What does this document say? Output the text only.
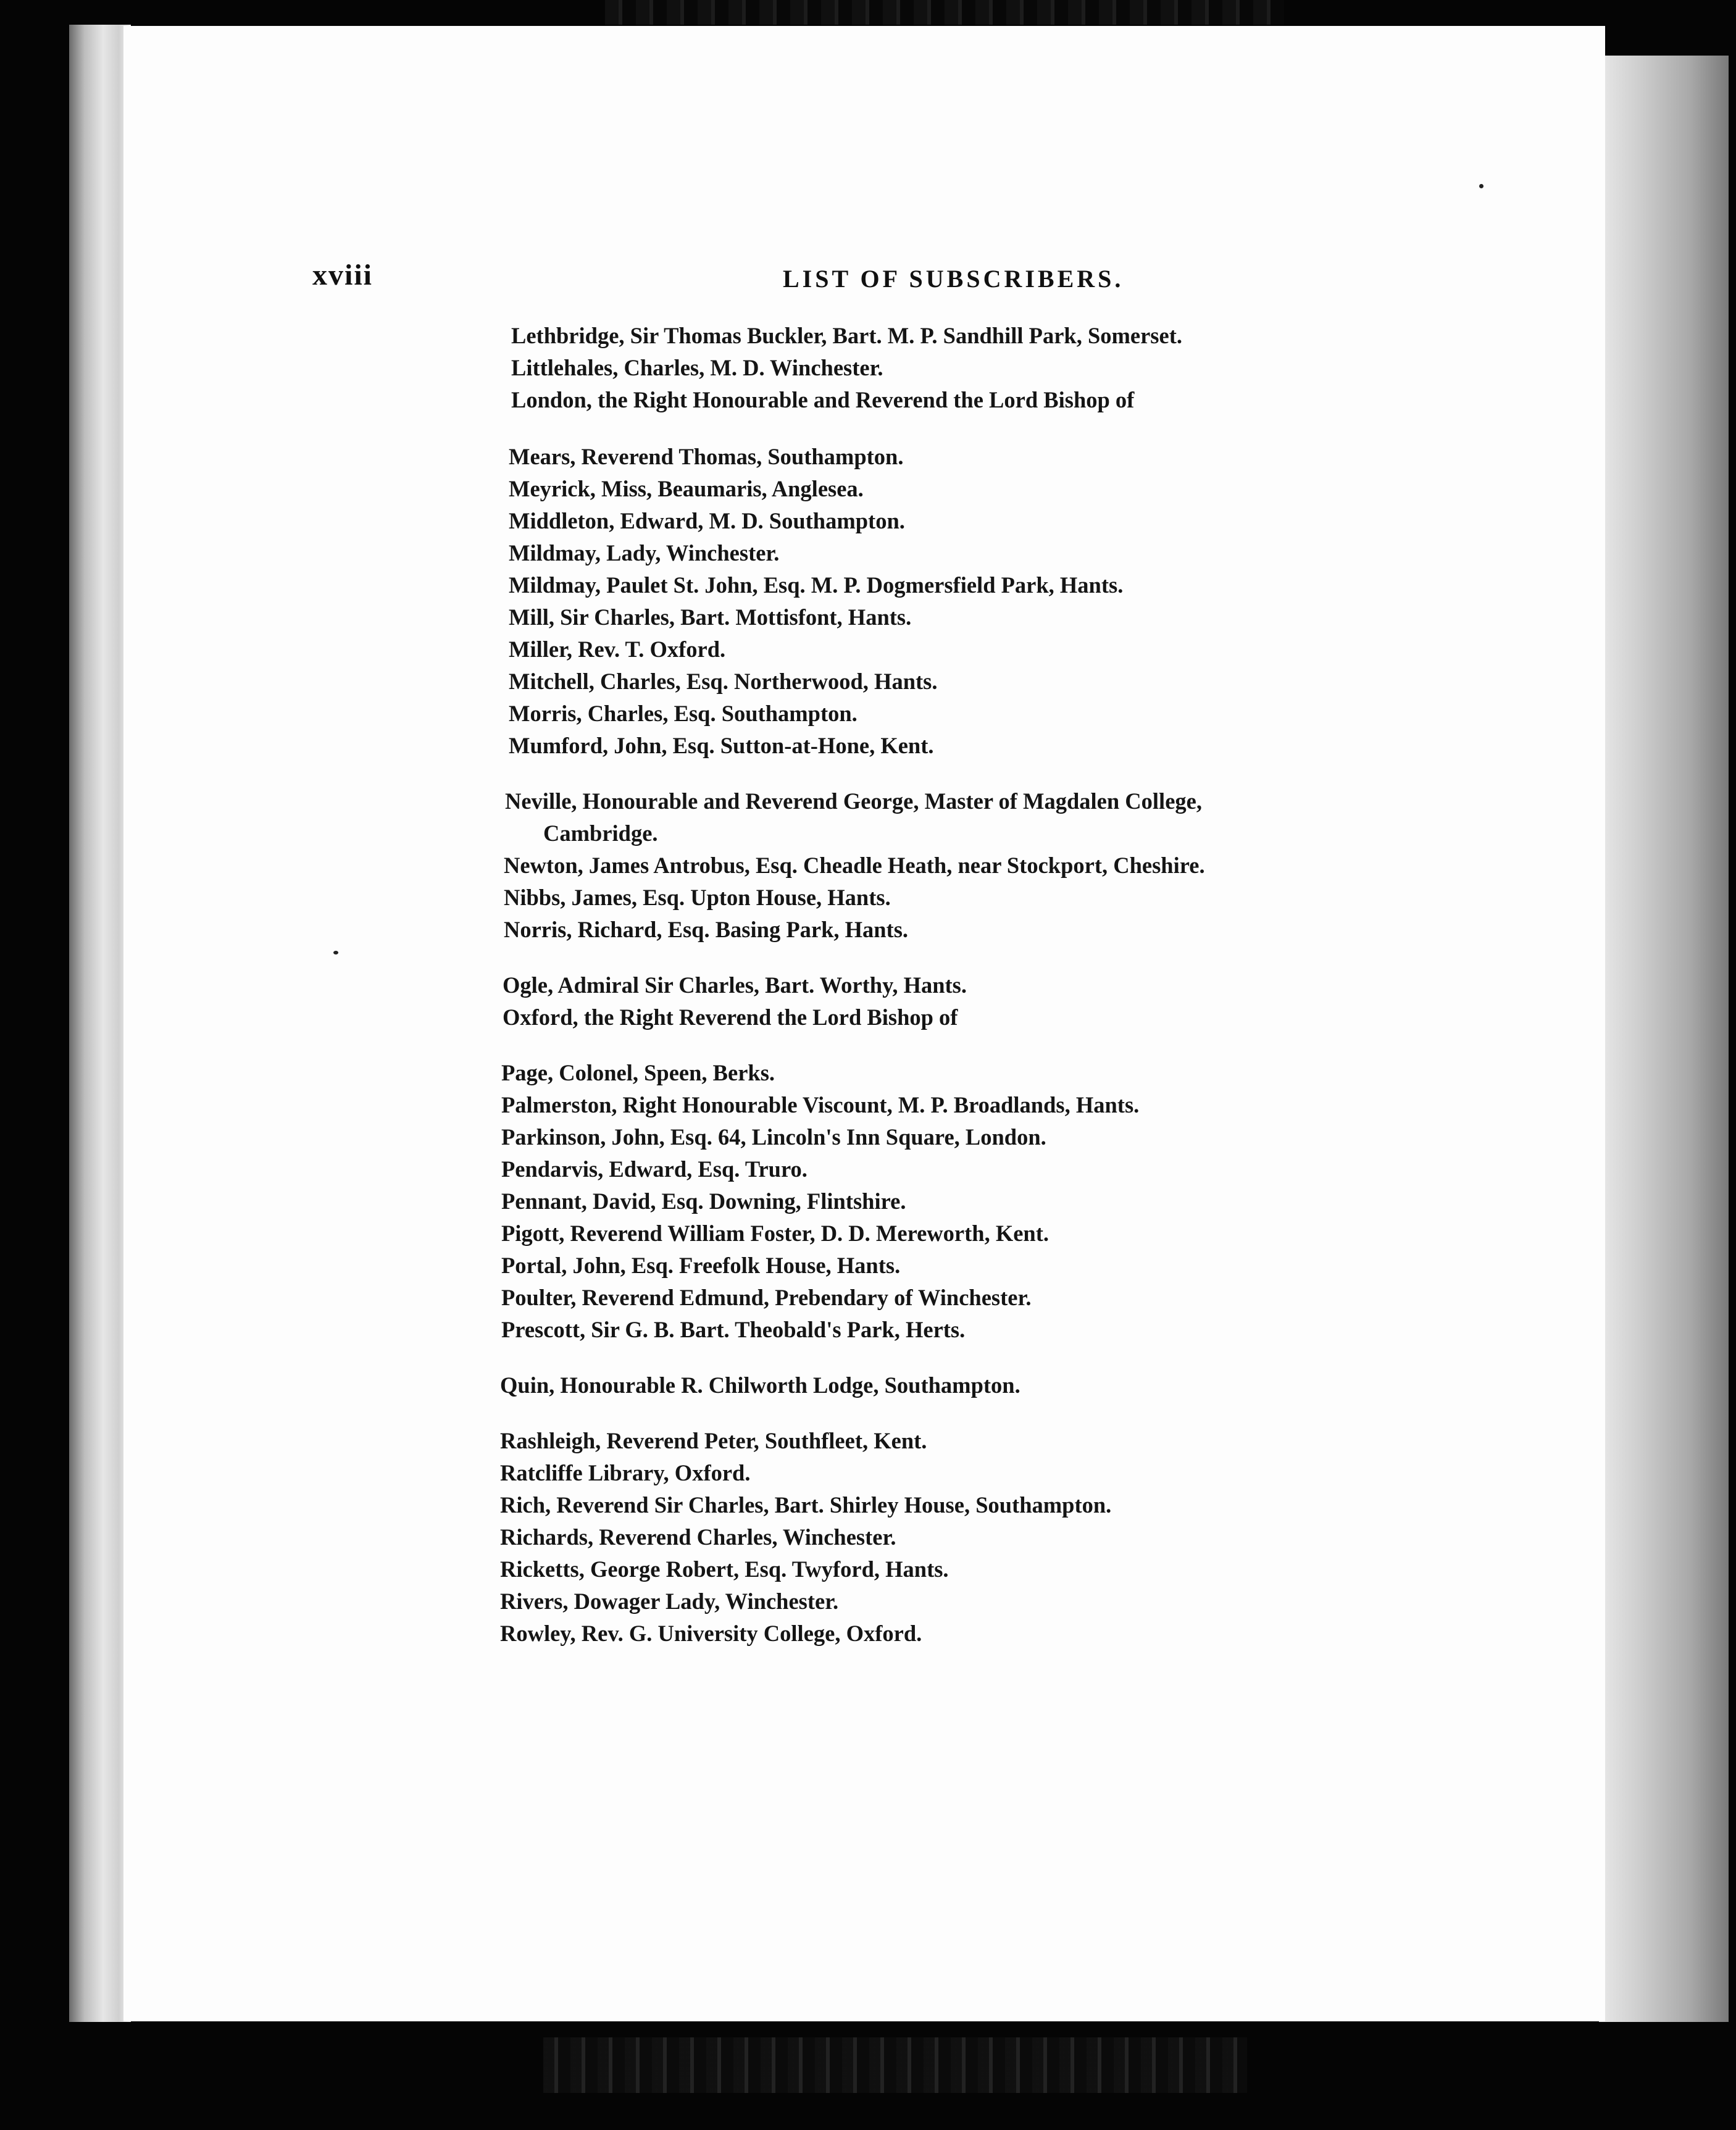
xviii	LIST OF SUBSCRIBERS.
Lethbridge, Sir Thomas Buckler, Bart. M. P. Sandhill Park, Somerset.
Littlehales, Charles, M. D. Winchester.
London, the Right Honourable and Reverend the Lord Bishop of
Mears, Reverend Thomas, Southampton.
Meyrick, Miss, Beaumaris, Anglesea.
Middleton, Edward, M. D. Southampton.
Mildmay, Lady, Winchester.
Mildmay, Paulet St. John, Esq. M. P. Dogmersfield Park, Hants.
Mill, Sir Charles, Bart. Mottisfont, Hants.
Miller, Rev. T. Oxford.
Mitchell, Charles, Esq. Northerwood, Hants.
Morris, Charles, Esq. Southampton.
Mumford, John, Esq. Sutton-at-Hone, Kent.
Neville, Honourable and Reverend George, Master of Magdalen College,
Cambridge.
Newton, James Antrobus, Esq. Cheadle Heath, near Stockport, Cheshire.
Nibbs, James, Esq. Upton House, Hants.
Norris, Richard, Esq. Basing Park, Hants.
Ogle, Admiral Sir Charles, Bart. Worthy, Hants.
Oxford, the Right Reverend the Lord Bishop of
Page, Colonel, Speen, Berks.
Palmerston, Right Honourable Viscount, M. P. Broadlands, Hants.
Parkinson, John, Esq. 64, Lincoln's Inn Square, London.
Pendarvis, Edward, Esq. Truro.
Pennant, David, Esq. Downing, Flintshire.
Pigott, Reverend William Foster, D. D. Mereworth, Kent.
Portal, John, Esq. Freefolk House, Hants.
Poulter, Reverend Edmund, Prebendary of Winchester.
Prescott, Sir G. B. Bart. Theobald's Park, Herts.
Quin, Honourable R. Chilworth Lodge, Southampton.
Rashleigh, Reverend Peter, Southfleet, Kent.
Ratcliffe Library, Oxford.
Rich, Reverend Sir Charles, Bart. Shirley House, Southampton.
Richards, Reverend Charles, Winchester.
Ricketts, George Robert, Esq. Twyford, Hants.
Rivers, Dowager Lady, Winchester.
Rowley, Rev. G. University College, Oxford.
